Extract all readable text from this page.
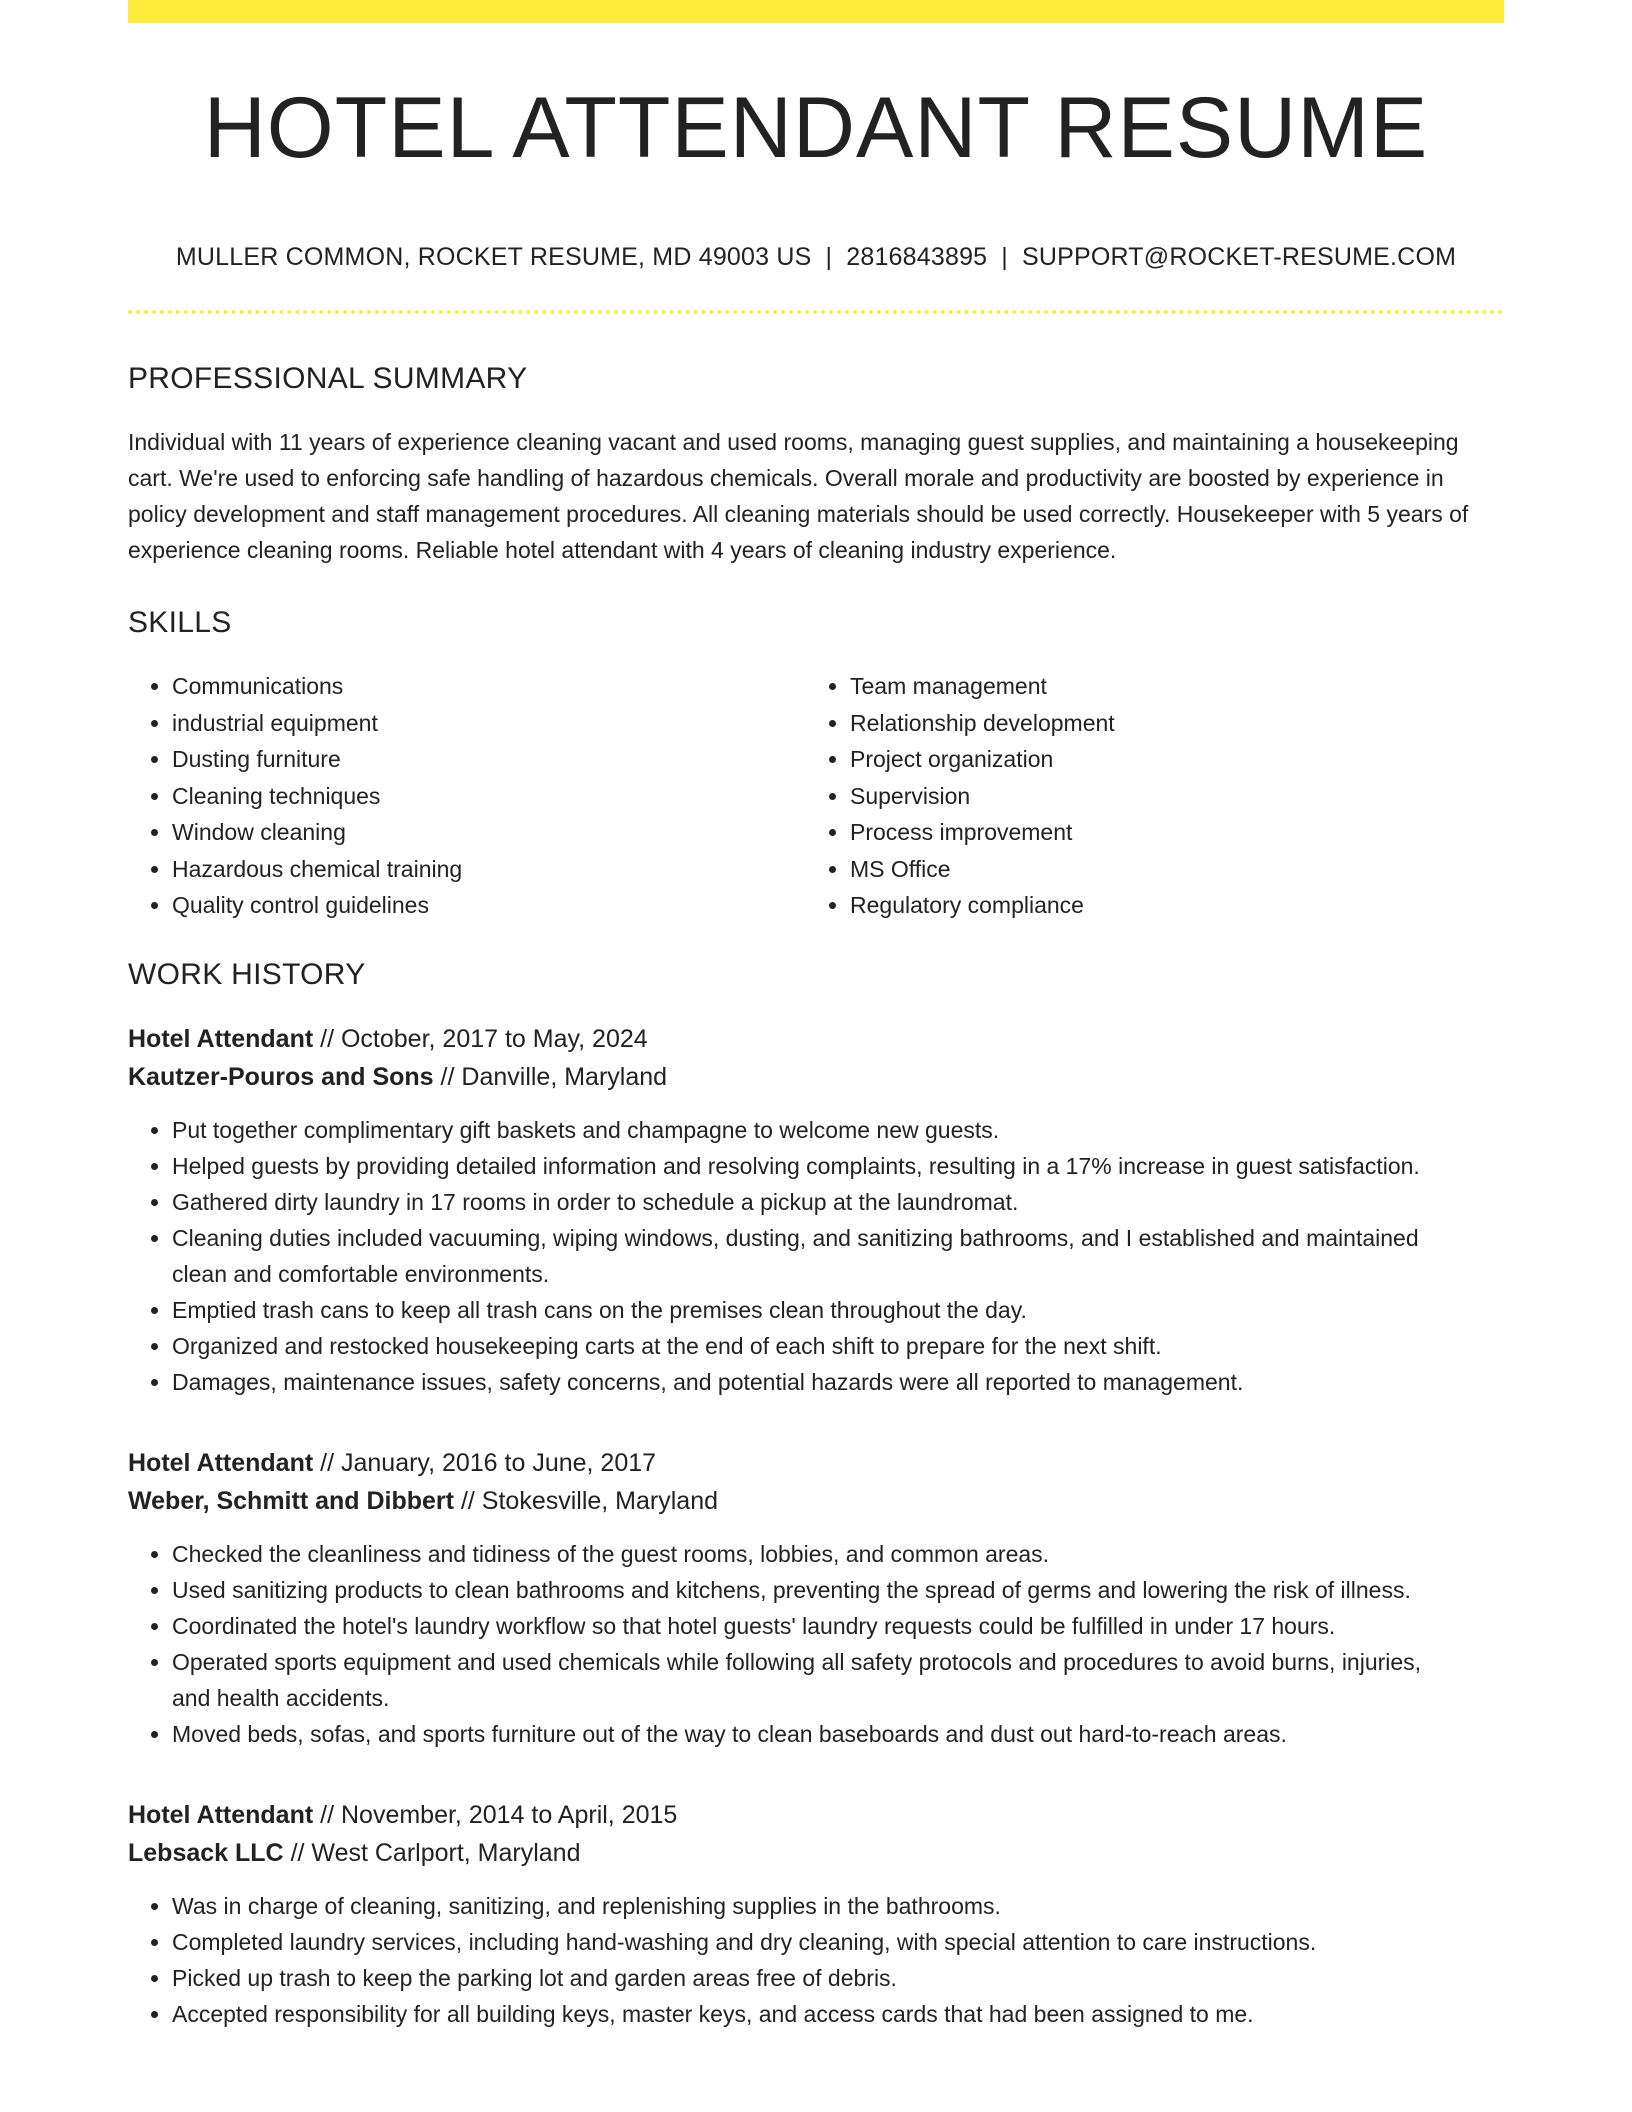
HOTEL ATTENDANT RESUME
MULLER COMMON, ROCKET RESUME, MD 49003 US | 2816843895 | SUPPORT@ROCKET-RESUME.COM
PROFESSIONAL SUMMARY

Individual with 11 years of experience cleaning vacant and used rooms, managing guest supplies, and maintaining a housekeeping cart. We're used to enforcing safe handling of hazardous chemicals. Overall morale and productivity are boosted by experience in policy development and staff management procedures. All cleaning materials should be used correctly. Housekeeper with 5 years of experience cleaning rooms. Reliable hotel attendant with 4 years of cleaning industry experience.

SKILLS
• Communications
• industrial equipment
• Dusting furniture
• Cleaning techniques
• Window cleaning
• Hazardous chemical training
• Quality control guidelines
• Team management
• Relationship development
• Project organization
• Supervision
• Process improvement
• MS Office
• Regulatory compliance
WORK HISTORY
Hotel Attendant // October, 2017 to May, 2024
Kautzer-Pouros and Sons // Danville, Maryland
• Put together complimentary gift baskets and champagne to welcome new guests.
• Helped guests by providing detailed information and resolving complaints, resulting in a 17% increase in guest satisfaction.
• Gathered dirty laundry in 17 rooms in order to schedule a pickup at the laundromat.
• Cleaning duties included vacuuming, wiping windows, dusting, and sanitizing bathrooms, and I established and maintained clean and comfortable environments.
• Emptied trash cans to keep all trash cans on the premises clean throughout the day.
• Organized and restocked housekeeping carts at the end of each shift to prepare for the next shift.
• Damages, maintenance issues, safety concerns, and potential hazards were all reported to management.
Hotel Attendant // January, 2016 to June, 2017
Weber, Schmitt and Dibbert // Stokesville, Maryland
• Checked the cleanliness and tidiness of the guest rooms, lobbies, and common areas.
• Used sanitizing products to clean bathrooms and kitchens, preventing the spread of germs and lowering the risk of illness.
• Coordinated the hotel's laundry workflow so that hotel guests' laundry requests could be fulfilled in under 17 hours.
• Operated sports equipment and used chemicals while following all safety protocols and procedures to avoid burns, injuries, and health accidents.
• Moved beds, sofas, and sports furniture out of the way to clean baseboards and dust out hard-to-reach areas.
Hotel Attendant // November, 2014 to April, 2015
Lebsack LLC // West Carlport, Maryland
• Was in charge of cleaning, sanitizing, and replenishing supplies in the bathrooms.
• Completed laundry services, including hand-washing and dry cleaning, with special attention to care instructions.
• Picked up trash to keep the parking lot and garden areas free of debris.
• Accepted responsibility for all building keys, master keys, and access cards that had been assigned to me.
